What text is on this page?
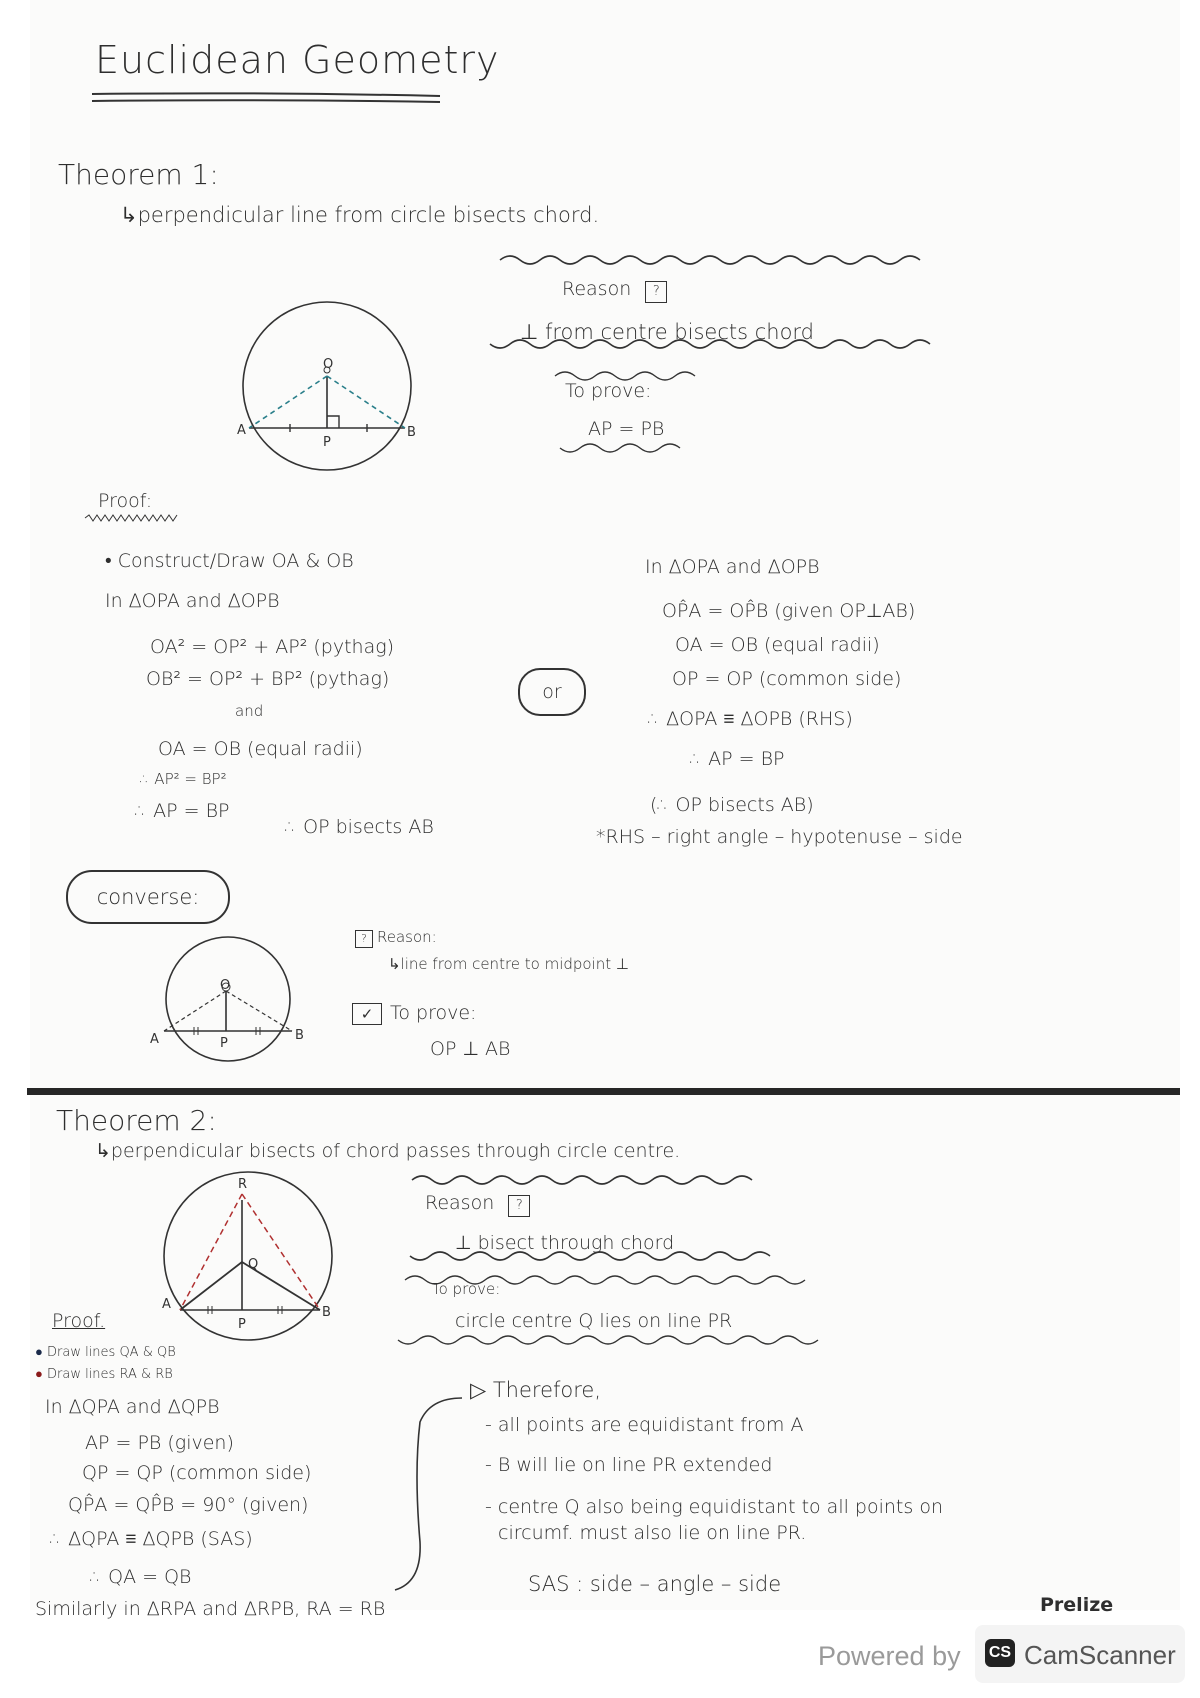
Euclidean Geometry
Theorem 1:
↳perpendicular line from circle bisects chord.
Reason ?
⊥ from centre bisects chord
To prove:
AP = PB
O
A	B
P
Proof:
• Construct/Draw OA & OB
In ΔOPA and ΔOPB
OA² = OP² + AP² (pythag)
OB² = OP² + BP² (pythag)
and
OA = OB (equal radii)
∴ AP² = BP²
∴ AP = BP
∴ OP bisects AB
or
In ΔOPA and ΔOPB
OP̂A = OP̂B (given OP⊥AB)
OA = OB (equal radii)
OP = OP (common side)
∴ ΔOPA ≡ ΔOPB (RHS)
∴ AP = BP
(∴ OP bisects AB)
*RHS – right angle – hypotenuse – side
converse:
? Reason:
↳line from centre to midpoint ⊥
✓ To prove:
OP ⊥ AB
O
A	B
P
Theorem 2:
↳perpendicular bisects of chord passes through circle centre.
Reason ?
⊥ bisect through chord
To prove:
circle centre Q lies on line PR
R
Q
A
B
P
Proof.
● Draw lines QA & QB
● Draw lines RA & RB
In ΔQPA and ΔQPB
AP = PB (given)
QP = QP (common side)
QP̂A = QP̂B = 90° (given)
∴ ΔQPA ≡ ΔQPB (SAS)
∴ QA = QB
Similarly in ΔRPA and ΔRPB, RA = RB
▷ Therefore,
- all points are equidistant from A
- B will lie on line PR extended
- centre Q also being equidistant to all points on
circumf. must also lie on line PR.
SAS : side – angle – side
Prelize
Powered by CS CamScanner
